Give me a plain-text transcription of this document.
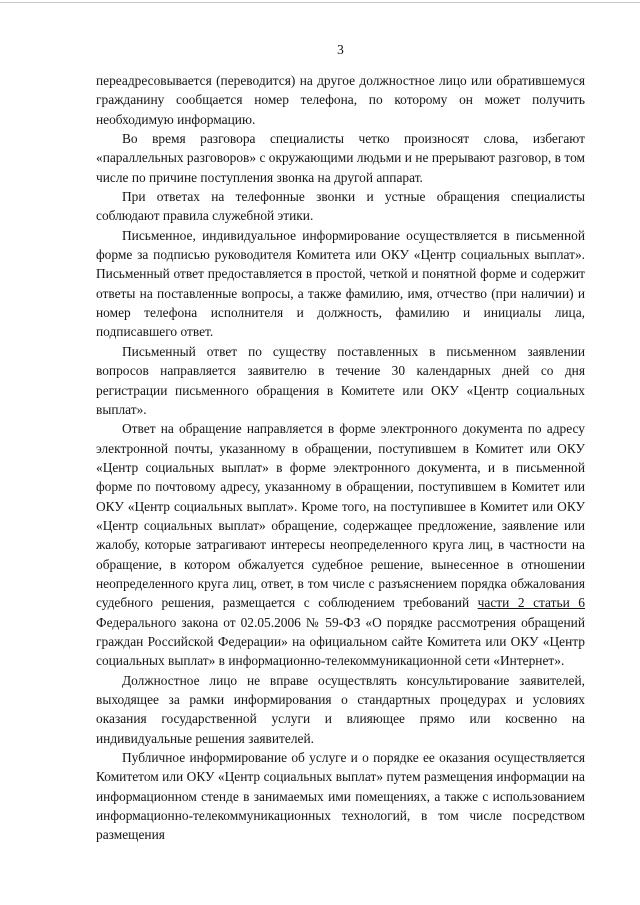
3

переадресовывается (переводится) на другое должностное лицо или обратившемуся гражданину сообщается номер телефона, по которому он может получить необходимую информацию.

Во время разговора специалисты четко произносят слова, избегают «параллельных разговоров» с окружающими людьми и не прерывают разговор, в том числе по причине поступления звонка на другой аппарат.

При ответах на телефонные звонки и устные обращения специалисты соблюдают правила служебной этики.

Письменное, индивидуальное информирование осуществляется в письменной форме за подписью руководителя Комитета или ОКУ «Центр социальных выплат». Письменный ответ предоставляется в простой, четкой и понятной форме и содержит ответы на поставленные вопросы, а также фамилию, имя, отчество (при наличии) и номер телефона исполнителя и должность, фамилию и инициалы лица, подписавшего ответ.

Письменный ответ по существу поставленных в письменном заявлении вопросов направляется заявителю в течение 30 календарных дней со дня регистрации письменного обращения в Комитете или ОКУ «Центр социальных выплат».

Ответ на обращение направляется в форме электронного документа по адресу электронной почты, указанному в обращении, поступившем в Комитет или ОКУ «Центр социальных выплат» в форме электронного документа, и в письменной форме по почтовому адресу, указанному в обращении, поступившем в Комитет или ОКУ «Центр социальных выплат». Кроме того, на поступившее в Комитет или ОКУ «Центр социальных выплат» обращение, содержащее предложение, заявление или жалобу, которые затрагивают интересы неопределенного круга лиц, в частности на обращение, в котором обжалуется судебное решение, вынесенное в отношении неопределенного круга лиц, ответ, в том числе с разъяснением порядка обжалования судебного решения, размещается с соблюдением требований части 2 статьи 6 Федерального закона от 02.05.2006 № 59-ФЗ «О порядке рассмотрения обращений граждан Российской Федерации» на официальном сайте Комитета или ОКУ «Центр социальных выплат» в информационно-телекоммуникационной сети «Интернет».

Должностное лицо не вправе осуществлять консультирование заявителей, выходящее за рамки информирования о стандартных процедурах и условиях оказания государственной услуги и влияющее прямо или косвенно на индивидуальные решения заявителей.

Публичное информирование об услуге и о порядке ее оказания осуществляется Комитетом или ОКУ «Центр социальных выплат» путем размещения информации на информационном стенде в занимаемых ими помещениях, а также с использованием информационно-телекоммуникационных технологий, в том числе посредством размещения
